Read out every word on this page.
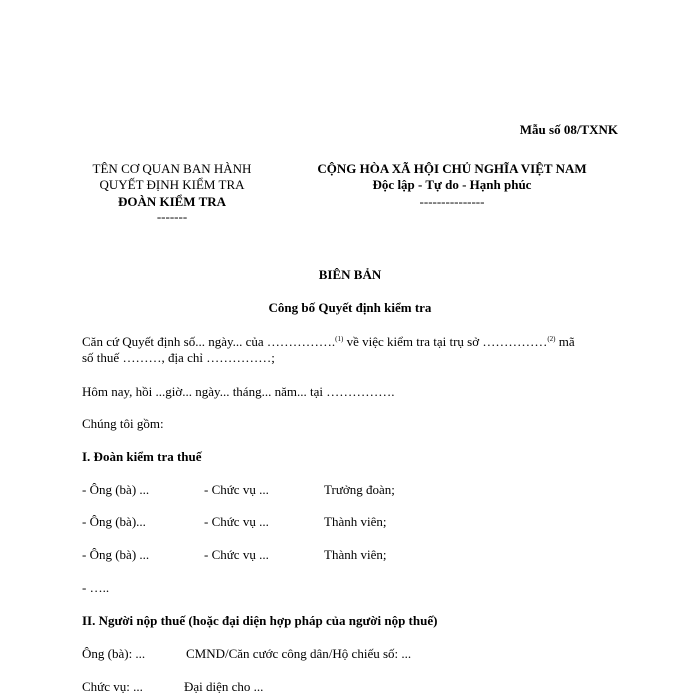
Mẫu số 08/TXNK
TÊN CƠ QUAN BAN HÀNH
QUYẾT ĐỊNH KIỂM TRA
ĐOÀN KIỂM TRA
-------
CỘNG HÒA XÃ HỘI CHỦ NGHĨA VIỆT NAM
Độc lập - Tự do - Hạnh phúc
---------------
BIÊN BẢN
Công bố Quyết định kiểm tra
Căn cứ Quyết định số... ngày... của …………….$^{(1)}$ về việc kiểm tra tại trụ sở ……………$^{(2)}$ mã
số thuế ………, địa chỉ ……………;
Hôm nay, hồi ...giờ... ngày... tháng... năm... tại …………….
Chúng tôi gồm:
I. Đoàn kiểm tra thuế
- Ông (bà) ...	- Chức vụ ...	Trưởng đoàn;
- Ông (bà)...	- Chức vụ ...	Thành viên;
- Ông (bà) ...	- Chức vụ ...	Thành viên;
- …..
II. Người nộp thuế (hoặc đại diện hợp pháp của người nộp thuế)
Ông (bà): ...	CMND/Căn cước công dân/Hộ chiếu số: ...
Chức vụ: ...	Đại diện cho ...
